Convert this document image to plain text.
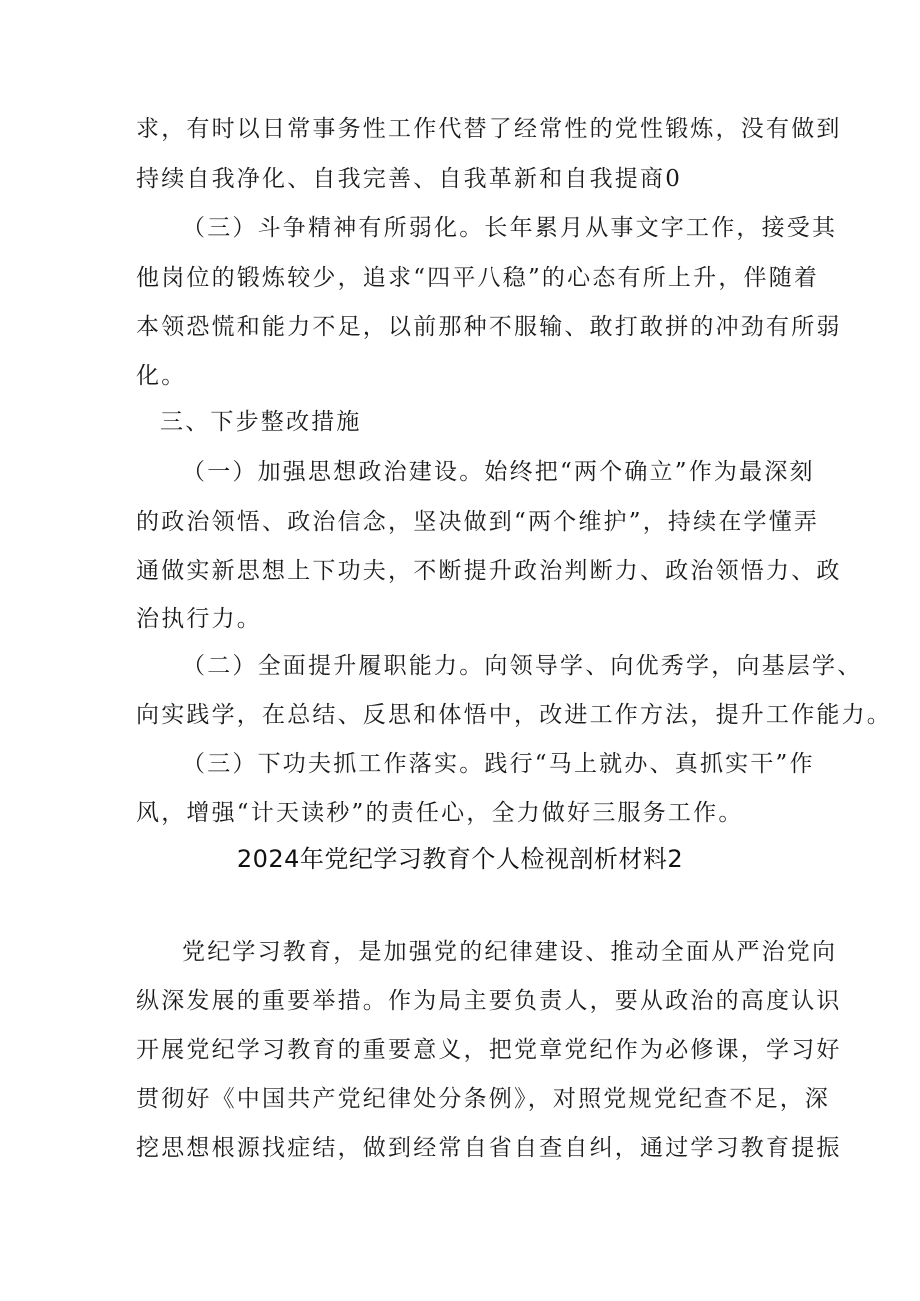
求，有时以日常事务性工作代替了经常性的党性锻炼，没有做到
持续自我净化、自我完善、自我革新和自我提商0
（三）斗争精神有所弱化。长年累月从事文字工作，接受其
他岗位的锻炼较少，追求“四平八稳”的心态有所上升，伴随着
本领恐慌和能力不足，以前那种不服输、敢打敢拼的冲劲有所弱
化。
三、下步整改措施
（一）加强思想政治建设。始终把“两个确立”作为最深刻
的政治领悟、政治信念，坚决做到“两个维护”，持续在学懂弄
通做实新思想上下功夫，不断提升政治判断力、政治领悟力、政
治执行力。
（二）全面提升履职能力。向领导学、向优秀学，向基层学、
向实践学，在总结、反思和体悟中，改进工作方法，提升工作能力。
（三）下功夫抓工作落实。践行“马上就办、真抓实干”作
风，增强“计天读秒”的责任心，全力做好三服务工作。
2024年党纪学习教育个人检视剖析材料2
党纪学习教育，是加强党的纪律建设、推动全面从严治党向
纵深发展的重要举措。作为局主要负责人，要从政治的高度认识
开展党纪学习教育的重要意义，把党章党纪作为必修课，学习好
贯彻好《中国共产党纪律处分条例》，对照党规党纪查不足，深
挖思想根源找症结，做到经常自省自查自纠，通过学习教育提振
